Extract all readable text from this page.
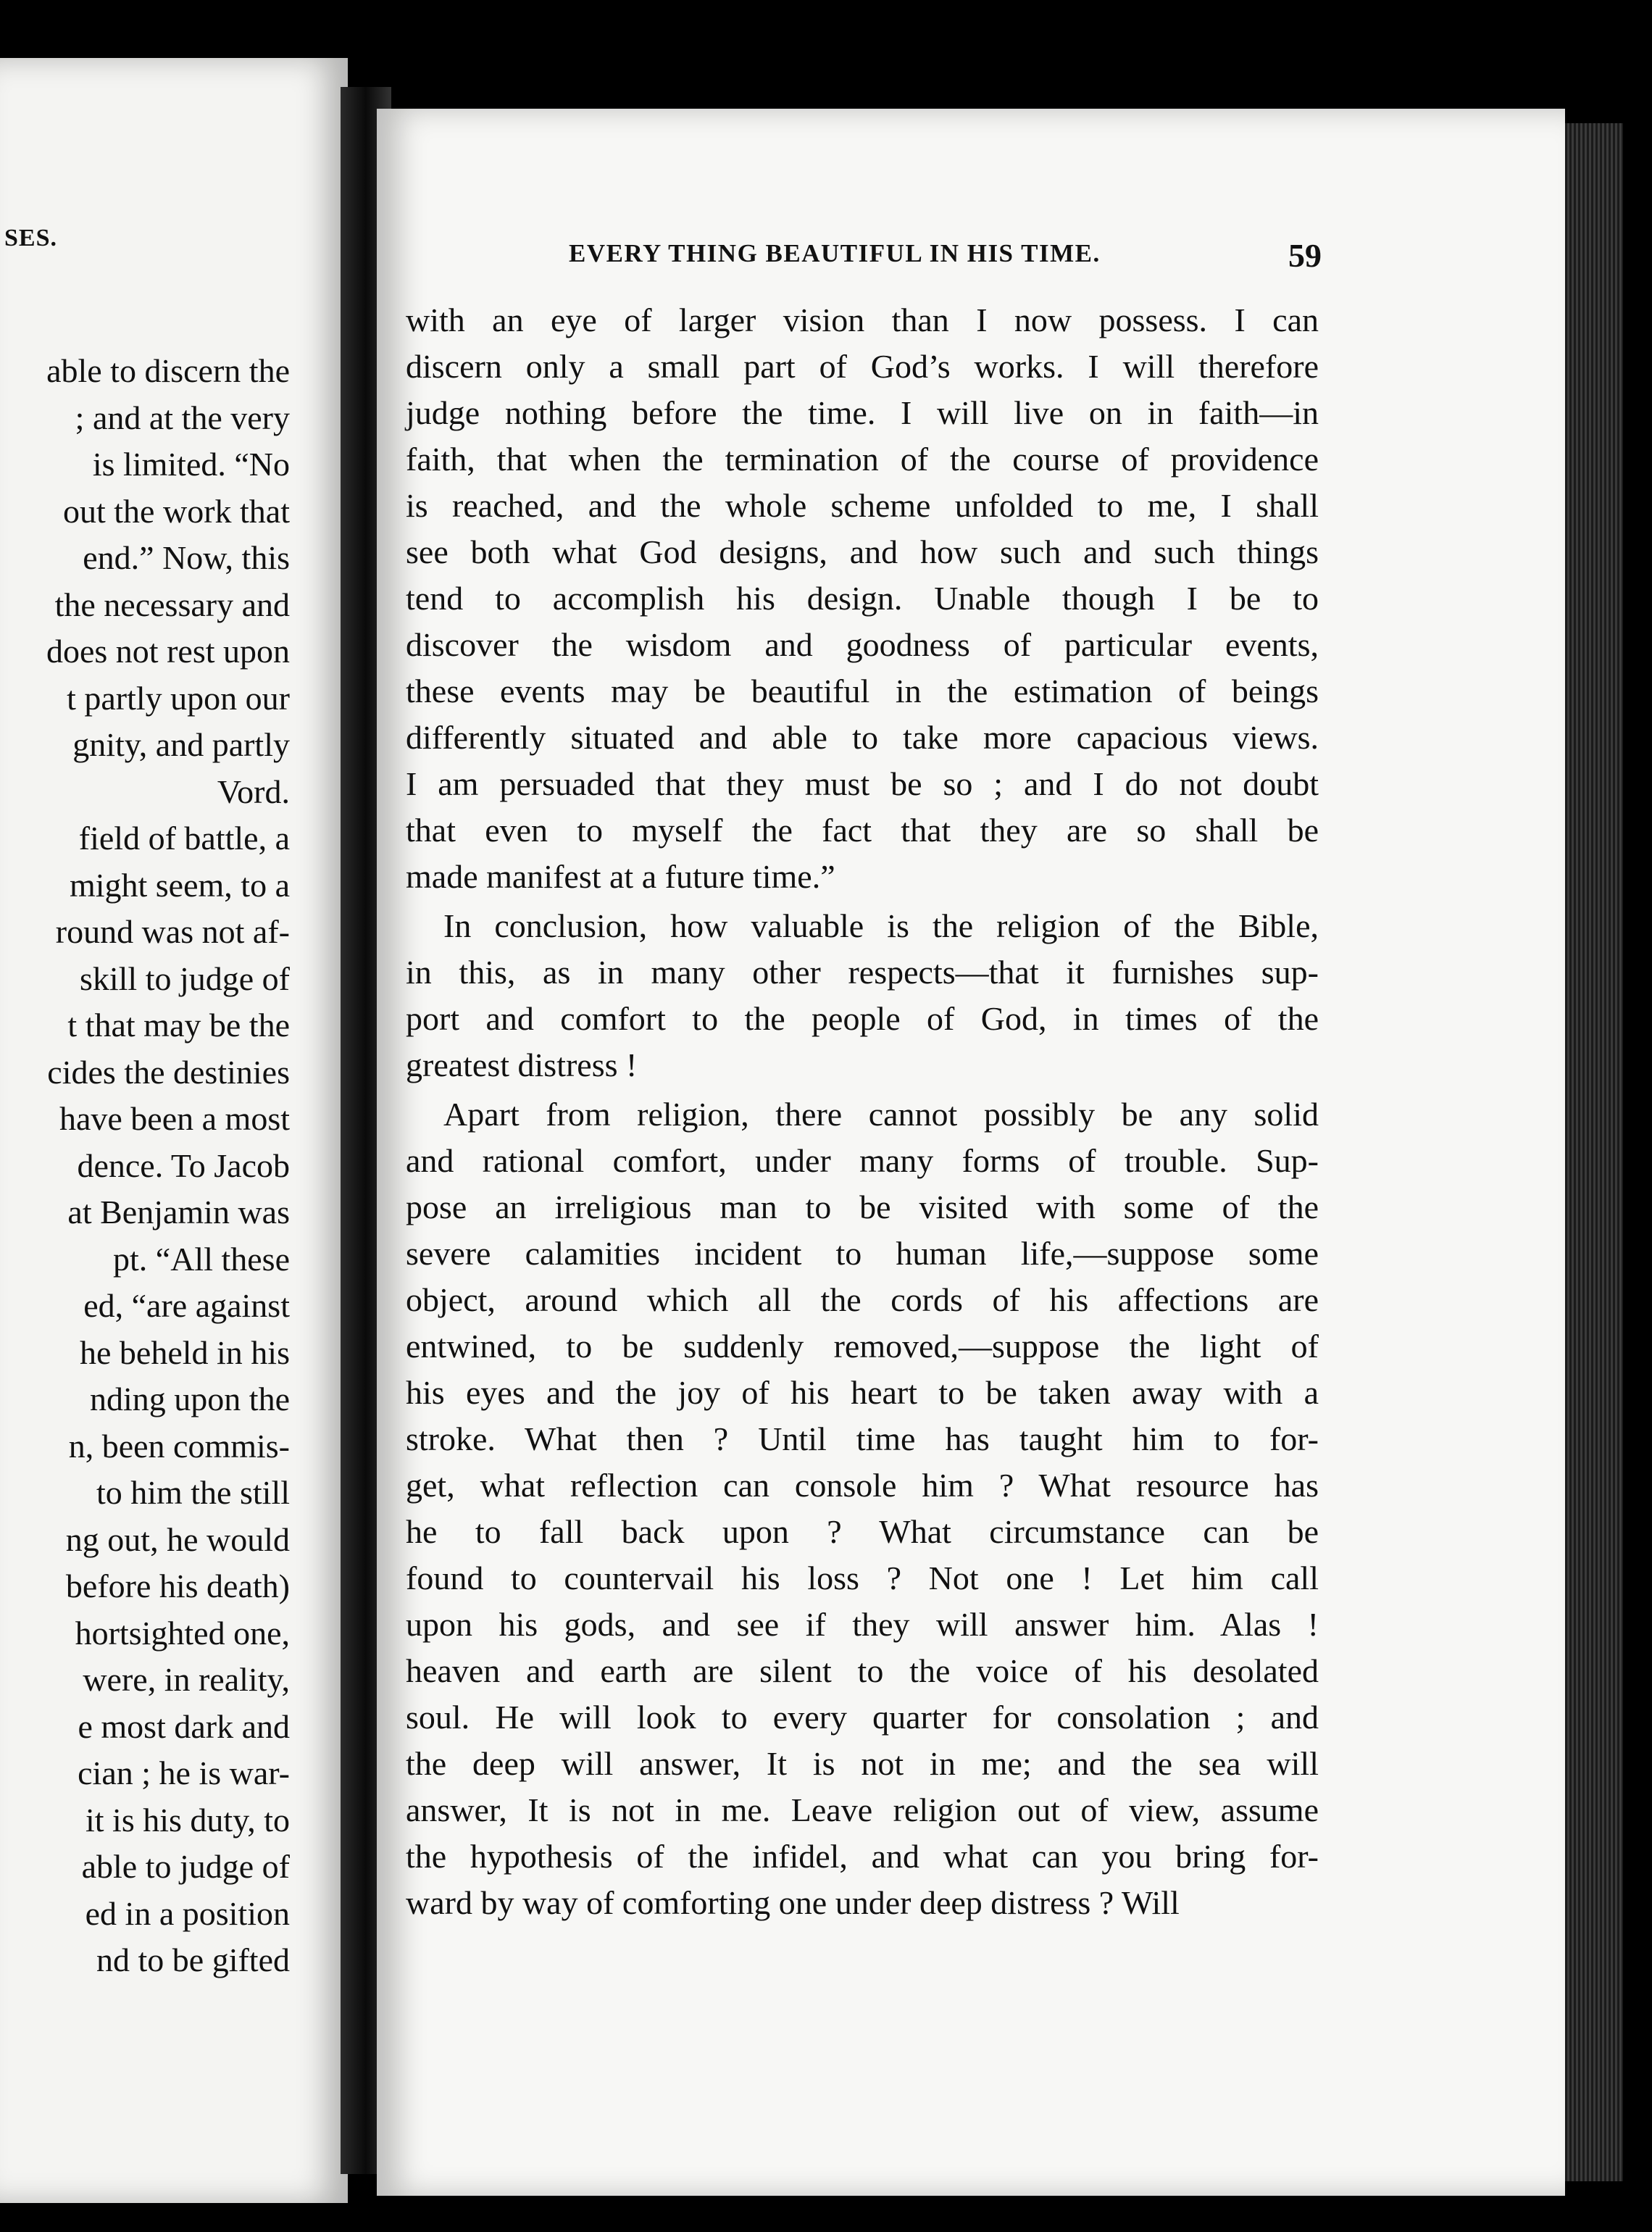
SES.
able to discern the
; and at the very
is limited. “No
out the work that
end.” Now, this
the necessary and
does not rest upon
t partly upon our
gnity, and partly
Vord.
field of battle, a
might seem, to a
round was not af-
skill to judge of
t that may be the
cides the destinies
have been a most
dence. To Jacob
at Benjamin was
pt. “All these
ed, “are against
he beheld in his
nding upon the
n, been commis-
to him the still
ng out, he would
before his death)
hortsighted one,
were, in reality,
e most dark and
cian ; he is war-
it is his duty, to
able to judge of
ed in a position
nd to be gifted
EVERY THING BEAUTIFUL IN HIS TIME.	59
with an eye of larger vision than I now possess. I can
discern only a small part of God’s works. I will therefore
judge nothing before the time. I will live on in faith—in
faith, that when the termination of the course of providence
is reached, and the whole scheme unfolded to me, I shall
see both what God designs, and how such and such things
tend to accomplish his design. Unable though I be to
discover the wisdom and goodness of particular events,
these events may be beautiful in the estimation of beings
differently situated and able to take more capacious views.
I am persuaded that they must be so ; and I do not doubt
that even to myself the fact that they are so shall be
made manifest at a future time.”
In conclusion, how valuable is the religion of the Bible,
in this, as in many other respects—that it furnishes sup-
port and comfort to the people of God, in times of the
greatest distress !
Apart from religion, there cannot possibly be any solid
and rational comfort, under many forms of trouble. Sup-
pose an irreligious man to be visited with some of the
severe calamities incident to human life,—suppose some
object, around which all the cords of his affections are
entwined, to be suddenly removed,—suppose the light of
his eyes and the joy of his heart to be taken away with a
stroke. What then ? Until time has taught him to for-
get, what reflection can console him ? What resource has
he to fall back upon ? What circumstance can be
found to countervail his loss ? Not one ! Let him call
upon his gods, and see if they will answer him. Alas !
heaven and earth are silent to the voice of his desolated
soul. He will look to every quarter for consolation ; and
the deep will answer, It is not in me; and the sea will
answer, It is not in me. Leave religion out of view, assume
the hypothesis of the infidel, and what can you bring for-
ward by way of comforting one under deep distress ? Will
